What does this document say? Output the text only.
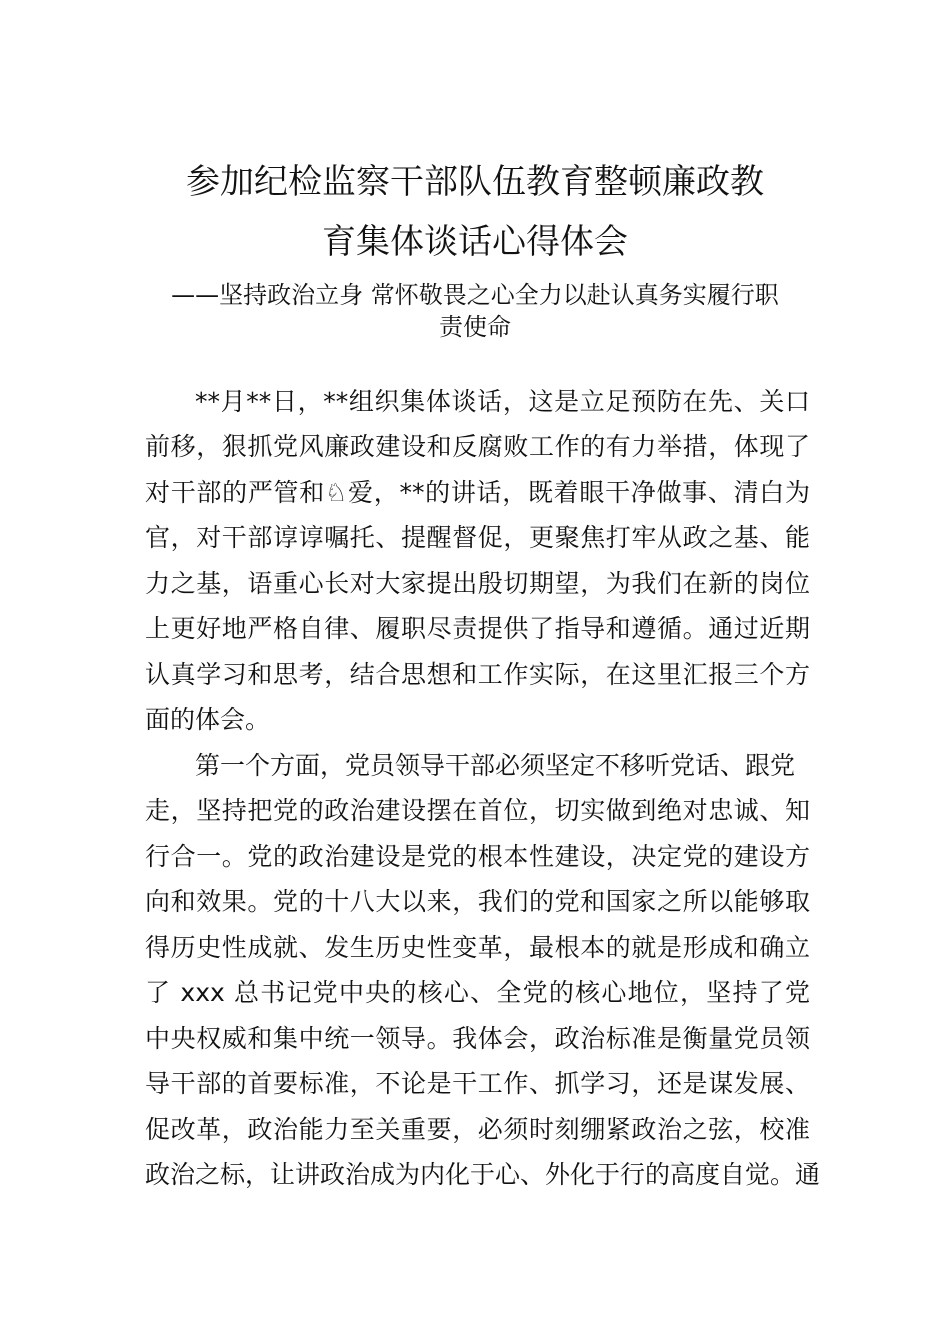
参加纪检监察干部队伍教育整顿廉政教
育集体谈话心得体会
——坚持政治立身 常怀敬畏之心全力以赴认真务实履行职
责使命
**月**日，**组织集体谈话，这是立足预防在先、关口
前移，狠抓党风廉政建设和反腐败工作的有力举措，体现了
对干部的严管和♘爱，**的讲话，既着眼干净做事、清白为
官，对干部谆谆嘱托、提醒督促，更聚焦打牢从政之基、能
力之基，语重心长对大家提出殷切期望，为我们在新的岗位
上更好地严格自律、履职尽责提供了指导和遵循。通过近期
认真学习和思考，结合思想和工作实际，在这里汇报三个方
面的体会。
第一个方面，党员领导干部必须坚定不移听党话、跟党
走，坚持把党的政治建设摆在首位，切实做到绝对忠诚、知
行合一。党的政治建设是党的根本性建设，决定党的建设方
向和效果。党的十八大以来，我们的党和国家之所以能够取
得历史性成就、发生历史性变革，最根本的就是形成和确立
了 xxx 总书记党中央的核心、全党的核心地位，坚持了党
中央权威和集中统一领导。我体会，政治标准是衡量党员领
导干部的首要标准，不论是干工作、抓学习，还是谋发展、
促改革，政治能力至关重要，必须时刻绷紧政治之弦，校准
政治之标，让讲政治成为内化于心、外化于行的高度自觉。通
